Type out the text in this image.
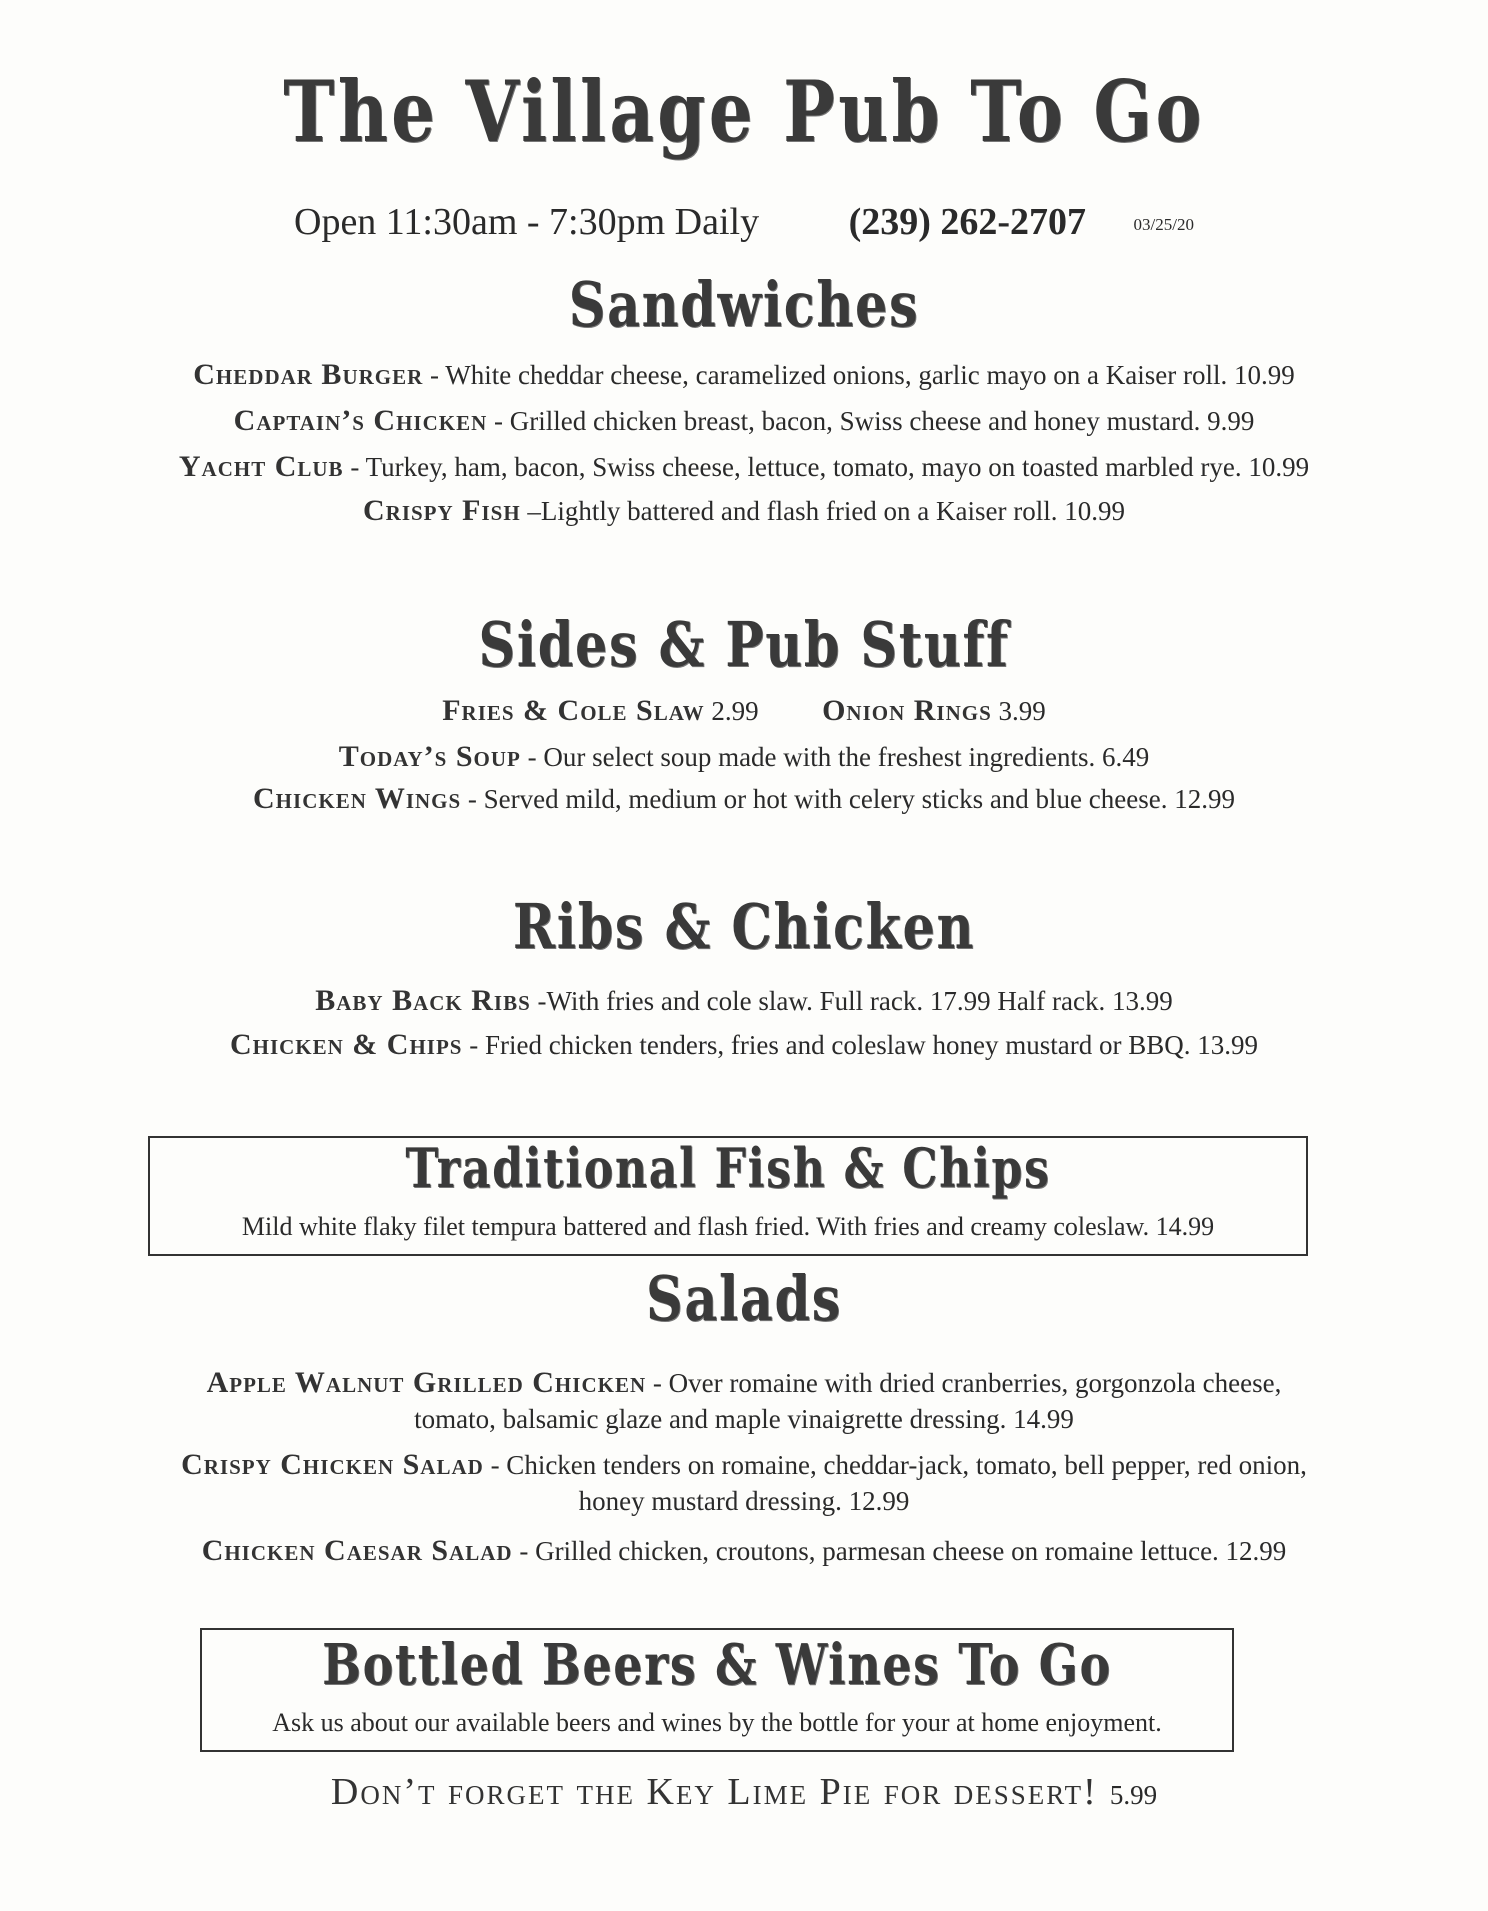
The Village Pub To Go
Open 11:30am - 7:30pm Daily (239) 262-2707	03/25/20
Sandwiches
Cheddar Burger - White cheddar cheese, caramelized onions, garlic mayo on a Kaiser roll. 10.99
Captain’s Chicken - Grilled chicken breast, bacon, Swiss cheese and honey mustard. 9.99
Yacht Club - Turkey, ham, bacon, Swiss cheese, lettuce, tomato, mayo on toasted marbled rye. 10.99
Crispy Fish –Lightly battered and flash fried on a Kaiser roll. 10.99
Sides & Pub Stuff
Fries & Cole Slaw 2.99 Onion Rings 3.99
Today’s Soup - Our select soup made with the freshest ingredients. 6.49
Chicken Wings - Served mild, medium or hot with celery sticks and blue cheese. 12.99
Ribs & Chicken
Baby Back Ribs -With fries and cole slaw. Full rack. 17.99 Half rack. 13.99
Chicken & Chips - Fried chicken tenders, fries and coleslaw honey mustard or BBQ. 13.99
Traditional Fish & Chips
Mild white flaky filet tempura battered and flash fried. With fries and creamy coleslaw. 14.99
Salads
Apple Walnut Grilled Chicken - Over romaine with dried cranberries, gorgonzola cheese,
tomato, balsamic glaze and maple vinaigrette dressing. 14.99
Crispy Chicken Salad - Chicken tenders on romaine, cheddar-jack, tomato, bell pepper, red onion,
honey mustard dressing. 12.99
Chicken Caesar Salad - Grilled chicken, croutons, parmesan cheese on romaine lettuce. 12.99
Bottled Beers & Wines To Go
Ask us about our available beers and wines by the bottle for your at home enjoyment.
Don’t forget the Key Lime Pie for dessert! 5.99
